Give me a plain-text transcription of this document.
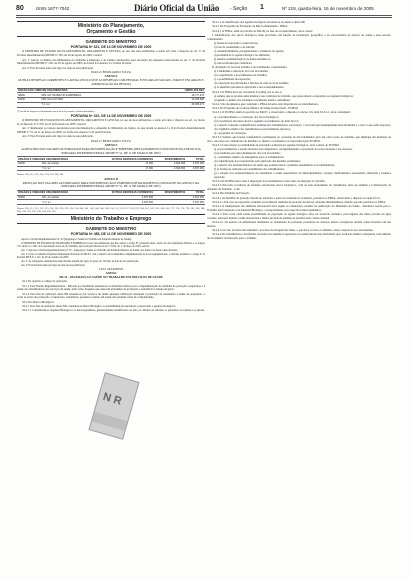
80	ISSN 1677-7042	Diário Oficial da União - Seção 1	Nº 219, quarta-feira, 16 de novembro de 2005
Ministério do Planejamento,
Orçamento e Gestão
GABINETE DO MINISTRO
PORTARIA Nº 321, DE 14 DE NOVEMBRO DE 2005

O MINISTRO DE ESTADO DO PLANEJAMENTO, ORÇAMENTO E GESTÃO, no uso das suas atribuições, e tendo em vista o disposto no art. 3º da Portaria Interministerial MP/MF nº 230, de 30 de agosto de 2005, resolve:

Art. 1º Alterar os limites dos Ministérios do Trabalho e Emprego e da Cultura autorizados para execução das despesas relacionadas no art. 1º da Portaria Interministerial MP/MF nº 230, de 30 de agosto de 2005, na forma dos Anexos I a II desta Portaria.

Art. 2º Esta Portaria entra em vigor na data de sua publicação.

PAULO BERNARDO SILVA
ANEXO I
OUTRAS DESPESAS CORRENTES E CAPITAL (EXCLUSIVE AS DESPESAS COM PESSOAL E ENCARGOS SOCIAIS, JUROS E ENCARGOS E AMORTIZAÇÃO DA DÍVIDA)
ÓRGÃO E/OU UNIDADE ORÇAMENTÁRIA		LIMITE ATÉ DEZ
38000	MIN. DO TRABALHO E EMPREGO	19.777.475
42000	MIN. DA CULTURA	13.158.996
	T o t a l	32.936.471
(*) Inclui as despesas relacionadas com a área de pessoal e demais atividades.
PORTARIA Nº 322, DE 14 DE NOVEMBRO DE 2005

O MINISTRO DE ESTADO DO PLANEJAMENTO, ORÇAMENTO E GESTÃO, no uso de suas atribuições, e tendo em vista o disposto no art. 12, inciso II, do Decreto nº 5.379, de 25 de fevereiro de 2005, resolve:

Art. 1º Remanejar os valores autorizados para movimentação e empenho do Ministério da Justiça, de que tratam os Anexos I e II da Portaria Interministerial MP/MF nº 51, de 11 de março de 2005, na forma dos Anexos I e II desta Portaria.

Art. 2º Esta Portaria entra em vigor na data de sua publicação.

PAULO BERNARDO SILVA
ANEXO I
ACRÉSCIMO DOS VALORES AUTORIZADOS PARA MOVIMENTAÇÃO E EMPENHO (DETALHAMENTO CONSTANTE DO ANEXO I DA PORTARIA INTERMINISTERIAL MP/MF Nº 51, DE 11 DE MARÇO DE 2005)
ÓRGÃOS E UNIDADES ORÇAMENTÁRIAS		OUTRAS DESPESAS CORRENTES	INVESTIMENTOS	TOTAL
30000	Min. da Justiça	17.450	4.520.000	4.537.450
	T o t a l	17.450	4.520.000	4.537.450
Fontes: 100, 112, 118, 150, 174, 250, 280, 281.
ANEXO II
REDUÇÃO DOS VALORES AUTORIZADOS PARA MOVIMENTAÇÃO E EMPENHO (DETALHAMENTO CONSTANTE DO ANEXO I DA PORTARIA INTERMINISTERIAL MP/MF Nº 51, DE 11 DE MARÇO DE 2005)
ÓRGÃOS E UNIDADES ORÇAMENTÁRIAS		OUTRAS DESPESAS CORRENTES	INVESTIMENTOS	TOTAL
30000	Min. da Justiça	4.537.450		4.537.450
	T o t a l	4.537.450		4.537.450
Fontes: 100, 111, 112, 113, 115, 116, 118, 120, 129, 130, 134, 140, 141, 142, 146, 148, 149, 150, 151, 153, 157, 158, 159, 160, 161, 162, 163, 164, 165, 171, 174, 176, 178, 180, 183, 186, 189, 190, 191, 192, 193, 194, 250, 281.
Ministério do Trabalho e Emprego
GABINETE DO MINISTRO
PORTARIA Nº 485, DE 11 DE NOVEMBRO DE 2005

Aprova a Norma Regulamentadora nº 32 (Segurança e Saúde no Trabalho em Estabelecimentos de Saúde).

O MINISTRO DE ESTADO DO TRABALHO E EMPREGO, no uso das atribuições que lhe confere o artigo 87, parágrafo único, inciso II, da Constituição Federal, e os artigos 155, inciso I, e 200, da Consolidação das Leis do Trabalho, aprovada pelo Decreto-Lei nº 5.452, de 1º de maio de 1943, resolve:

Art. 1º Aprovar a Norma Regulamentadora nº 32 - Segurança e Saúde no Trabalho em Estabelecimentos de Saúde, nos termos do Anexo desta Portaria.

Art. 2º Criar a Comissão Tripartite Permanente Nacional da NR-32, com o objetivo de acompanhar a implementação da nova regulamentação, conforme estabelece o artigo 9º da Portaria MTE nº 1.127, de 02 de outubro de 2003.

Art. 3º As obrigações estabelecidas nesta Norma entram em vigor no prazo de 120 dias da data de sua publicação.

Art. 4º Esta Portaria entra em vigor na data de sua publicação.

LUIZ MARINHO
ANEXO
NR 32 - SEGURANÇA E SAÚDE NO TRABALHO EM SERVIÇOS DE SAÚDE

32.1 Do objetivo e campo de aplicação.

32.1.1 Esta Norma Regulamentadora - NR tem por finalidade estabelecer as diretrizes básicas para a implementação de medidas de proteção à segurança e à saúde dos trabalhadores dos serviços de saúde, bem como daqueles que exercem atividades de promoção e assistência à saúde em geral.

32.1.2 Para fins de aplicação desta NR entende-se por serviços de saúde qualquer edificação destinada à prestação de assistência à saúde da população, e todas as ações de promoção, recuperação, assistência, pesquisa e ensino em saúde em qualquer nível de complexidade.

32.2 Dos Riscos Biológicos

32.2.1 Para fins de aplicação desta NR, considera-se Risco Biológico a probabilidade da exposição ocupacional a agentes biológicos.

32.2.1.1 Consideram-se Agentes Biológicos os microrganismos, geneticamente modificados ou não; as culturas de células; os parasitas; as toxinas e os príons.

32.2.1.2 A classificação dos agentes biológicos encontra-se no anexo I desta NR.

32.2.2 Do Programa de Prevenção de Riscos Ambientais - PPRA:

32.2.2.1 O PPRA, além do previsto na NR-09, na fase de reconhecimento, deve conter:

I. Identificação dos riscos biológicos mais prováveis, em função da localização geográfica e da característica do serviço de saúde e seus setores, considerando:

a) fontes de exposição e reservatórios;

b) vias de transmissão e de entrada;

c) transmissibilidade, patogenicidade e virulência do agente;

d) persistência do agente biológico no ambiente;

e) estudos epidemiológicos ou dados estatísticos;

f) outras informações científicas.

II. Avaliação do local de trabalho e do trabalhador, considerando:

a) a finalidade e descrição do local de trabalho;

b) a organização e procedimentos de trabalho;

c) a possibilidade de exposição;

d) a descrição das atividades e funções de cada local de trabalho;

e) as medidas preventivas aplicáveis e seu acompanhamento.

32.2.2.2 O PPRA deve ser reavaliado 01 (uma) vez ao ano e:

a) sempre que se produza uma mudança nas condições de trabalho, que possa alterar a exposição aos agentes biológicos;

b) quando a análise dos acidentes e incidentes assim o determinar.

32.2.2.3 Os documentos que compõem o PPRA deverão estar disponíveis aos trabalhadores.

32.2.3 Do Programa de Controle Médico de Saúde Ocupacional - PCMSO

32.2.3.1 O PCMSO, além do previsto na NR-07, e observando o disposto no inciso I do item 32.2.2.1, deve contemplar:

a) o reconhecimento e a avaliação dos riscos biológicos;

b) a localização das áreas de risco segundo os parâmetros do item 32.2.2;

c) a relação contendo a identificação nominal dos trabalhadores, sua função, o local em que desempenham suas atividades e o risco a que estão expostos;

d) a vigilância médica dos trabalhadores potencialmente expostos;

e) o programa de vacinação.

32.2.3.2 Sempre que houver transferência permanente ou ocasional de um trabalhador para um outro posto de trabalho, que implique em mudança de risco, esta deve ser comunicada de imediato ao médico coordenador ou responsável pelo PCMSO.

32.2.3.3 Com relação à possibilidade de exposição acidental aos agentes biológicos, deve constar do PCMSO:

a) os procedimentos a serem adotados para diagnóstico, acompanhamento e prevenção da soroconversão e das doenças;

b) as medidas para descontaminação do local de trabalho;

c) o tratamento médico de emergência para os trabalhadores;

d) a identificação dos responsáveis pela aplicação das medidas pertinentes;

e) a relação dos estabelecimentos de saúde que podem prestar o primeiro atendimento aos trabalhadores;

f) as formas de remoção para atendimento dos trabalhadores;

g) a relação dos estabelecimentos de assistência à saúde depositários de imunoglobulinas, vacinas, medicamentos necessários, materiais e insumos especiais.

32.2.3.4 O PCMSO deve estar à disposição dos trabalhadores, bem como da inspeção do trabalho.

32.2.3.5 Em toda ocorrência de acidente envolvendo riscos biológicos, com ou sem afastamento do trabalhador, deve ser emitida a Comunicação de Acidente de Trabalho - CAT.

32.2.4 Das Medidas de Proteção

32.2.4.1 As medidas de proteção devem ser adotadas a partir do resultado da avaliação, previstas no PPRA, observando o disposto no item 32.2.2.

32.2.4.1.1 Em caso de exposição acidental ou incidental, medidas de proteção devem ser adotadas imediatamente, mesmo que não previstas no PPRA.

32.2.4.2 A manipulação em ambiente laboratorial deve seguir as orientações contidas na publicação do Ministério da Saúde - Diretrizes Gerais para o Trabalho em Contenção com Material Biológico, correspondentes aos respectivos microrganismos.

32.2.4.3 Todo local onde exista possibilidade de exposição ao agente biológico deve ter lavatório exclusivo para higiene das mãos provido de água corrente, sabonete líquido, toalha descartável e lixeira provida de sistema de abertura sem contato manual.

32.2.4.3.1 Os quartos ou enfermarias destinados ao isolamento de pacientes portadores de doenças infecto-contagiosas devem conter lavatório em seu interior.

32.2.4.3.2 O uso de luvas não substitui o processo de lavagem das mãos, o que deve ocorrer, no mínimo, antes e depois do uso das mesmas.

32.2.4.4 Os trabalhadores com feridas ou lesões nos membros superiores só podem iniciar suas atividades após avaliação médica obrigatória com emissão de documento de liberação para o trabalho.

N R
